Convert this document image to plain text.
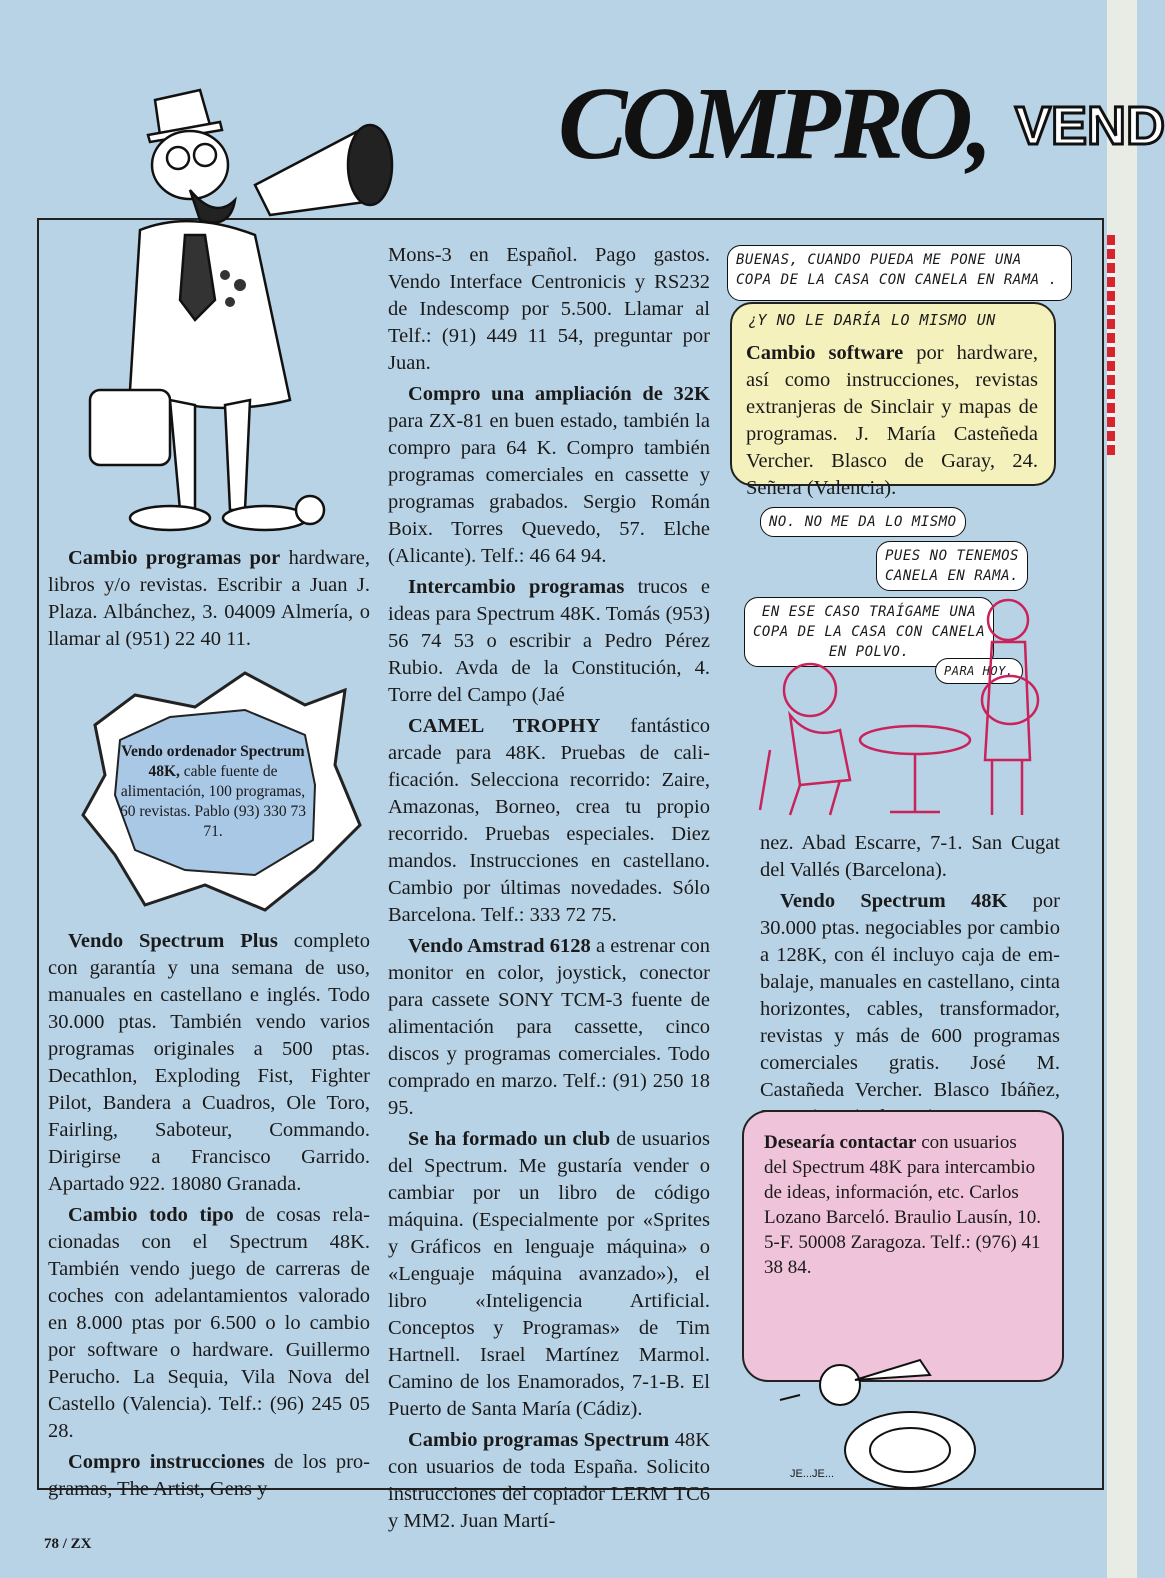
COMPRO, VEND

Cambio programas por hardware, libros y/o revistas. Escribir a Juan J. Plaza. Albánchez, 3. 04009 Almería, o llamar al (951) 22 40 11.

Vendo ordenador Spectrum 48K, cable fuente de alimentación, 100 programas, 60 revistas. Pablo (93) 330 73 71.

Vendo Spectrum Plus completo con garantía y una semana de uso, manuales en castellano e inglés. Todo 30.000 ptas. También vendo varios programas originales a 500 ptas. Decathlon, Exploding Fist, Fighter Pilot, Bandera a Cuadros, Ole Toro, Fairling, Saboteur, Commando. Dirigirse a Francisco Garrido. Apartado 922. 18080 Granada.

Cambio todo tipo de cosas relacionadas con el Spectrum 48K. También vendo juego de carreras de coches con adelantamientos valorado en 8.000 ptas por 6.500 o lo cambio por software o hardware. Guillermo Perucho. La Sequia, Vila Nova del Castello (Valencia). Telf.: (96) 245 05 28.

Compro instrucciones de los programas, The Artist, Gens y

Mons-3 en Español. Pago gastos. Vendo Interface Centronicis y RS232 de Indescomp por 5.500. Llamar al Telf.: (91) 449 11 54, preguntar por Juan.

Compro una ampliación de 32K para ZX-81 en buen estado, también la compro para 64 K. Compro también programas comerciales en cassette y programas grabados. Sergio Román Boix. Torres Quevedo, 57. Elche (Alicante). Telf.: 46 64 94.

Intercambio programas trucos e ideas para Spectrum 48K. Tomás (953) 56 74 53 o escribir a Pedro Pérez Rubio. Avda de la Constitución, 4. Torre del Campo (Jaé

CAMEL TROPHY fantástico arcade para 48K. Pruebas de calificación. Selecciona recorrido: Zaire, Amazonas, Borneo, crea tu propio recorrido. Pruebas especiales. Diez mandos. Instrucciones en castellano. Cambio por últimas novedades. Sólo Barcelona. Telf.: 333 72 75.

Vendo Amstrad 6128 a estrenar con monitor en color, joystick, conector para cassete SONY TCM-3 fuente de alimentación para cassette, cinco discos y programas comerciales. Todo comprado en marzo. Telf.: (91) 250 18 95.

Se ha formado un club de usuarios del Spectrum. Me gustaría vender o cambiar por un libro de código máquina. (Especialmente por «Sprites y Gráficos en lenguaje máquina» o «Lenguaje máquina avanzado»), el libro «Inteligencia Artificial. Conceptos y Programas» de Tim Hartnell. Israel Martínez Marmol. Camino de los Enamorados, 7-1-B. El Puerto de Santa María (Cádiz).

Cambio programas Spectrum 48K con usuarios de toda España. Solicito instrucciones del copiador LERM TC6 y MM2. Juan Martí-

BUENAS, CUANDO PUEDA ME PONE UNA
COPA DE LA CASA CON CANELA EN RAMA .
¿Y NO LE DARÍA LO MISMO UN
Cambio software por hardware, así como instrucciones, revistas extranjeras de Sinclair y mapas de programas. J. María Casteñeda Vercher. Blasco de Garay, 24. Señera (Valencia).
NO. NO ME DA LO MISMO
PUES NO TENEMOS
CANELA EN RAMA.
EN ESE CASO TRAÍGAME UNA
COPA DE LA CASA CON CANELA
EN POLVO.
PARA HOY.

nez. Abad Escarre, 7-1. San Cugat del Vallés (Barcelona).

Vendo Spectrum 48K por 30.000 ptas. negociables por cambio a 128K, con él incluyo caja de embalaje, manuales en castellano, cinta horizontes, cables, transformador, revistas y más de 600 programas comerciales gratis. José M. Castañeda Vercher. Blasco Ibáñez,

Desearía contactar con usuarios del Spectrum 48K para intercambio de ideas, información, etc. Carlos Lozano Barceló. Braulio Lausín, 10. 5-F. 50008 Zaragoza. Telf.: (976) 41 38 84.
JE...JE...
78 / ZX
